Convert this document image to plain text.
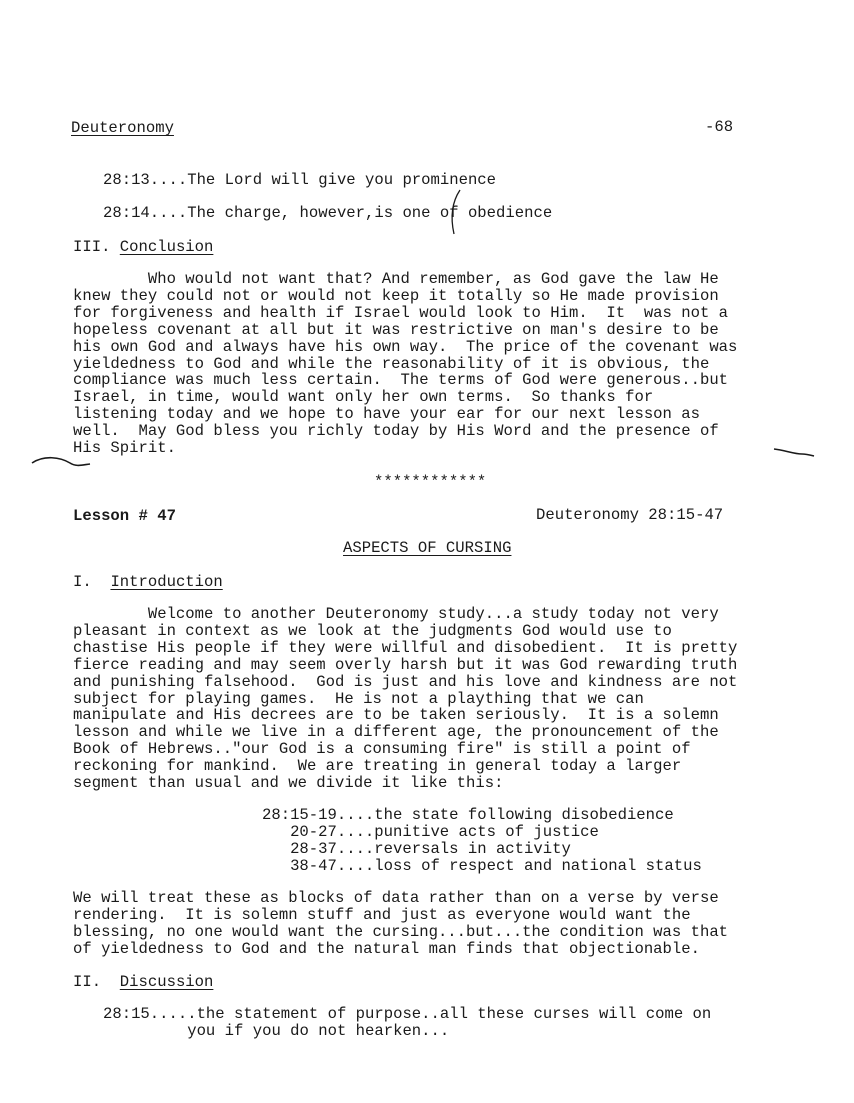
Deuteronomy	-68
28:13....The Lord will give you prominence
28:14....The charge, however,is one of obedience
III. Conclusion
Who would not want that? And remember, as God gave the law He
knew they could not or would not keep it totally so He made provision
for forgiveness and health if Israel would look to Him.  It  was not a
hopeless covenant at all but it was restrictive on man's desire to be
his own God and always have his own way.  The price of the covenant was
yieldedness to God and while the reasonability of it is obvious, the
compliance was much less certain.  The terms of God were generous..but
Israel, in time, would want only her own terms.  So thanks for
listening today and we hope to have your ear for our next lesson as
well.  May God bless you richly today by His Word and the presence of
His Spirit.
************
Lesson # 47	Deuteronomy 28:15-47
ASPECTS OF CURSING
I. Introduction
Welcome to another Deuteronomy study...a study today not very
pleasant in context as we look at the judgments God would use to
chastise His people if they were willful and disobedient.  It is pretty
fierce reading and may seem overly harsh but it was God rewarding truth
and punishing falsehood.  God is just and his love and kindness are not
subject for playing games.  He is not a plaything that we can
manipulate and His decrees are to be taken seriously.  It is a solemn
lesson and while we live in a different age, the pronouncement of the
Book of Hebrews.."our God is a consuming fire" is still a point of
reckoning for mankind.  We are treating in general today a larger
segment than usual and we divide it like this:
28:15-19....the state following disobedience
20-27....punitive acts of justice
28-37....reversals in activity
38-47....loss of respect and national status
We will treat these as blocks of data rather than on a verse by verse
rendering.  It is solemn stuff and just as everyone would want the
blessing, no one would want the cursing...but...the condition was that
of yieldedness to God and the natural man finds that objectionable.
II. Discussion
28:15.....the statement of purpose..all these curses will come on
you if you do not hearken...
